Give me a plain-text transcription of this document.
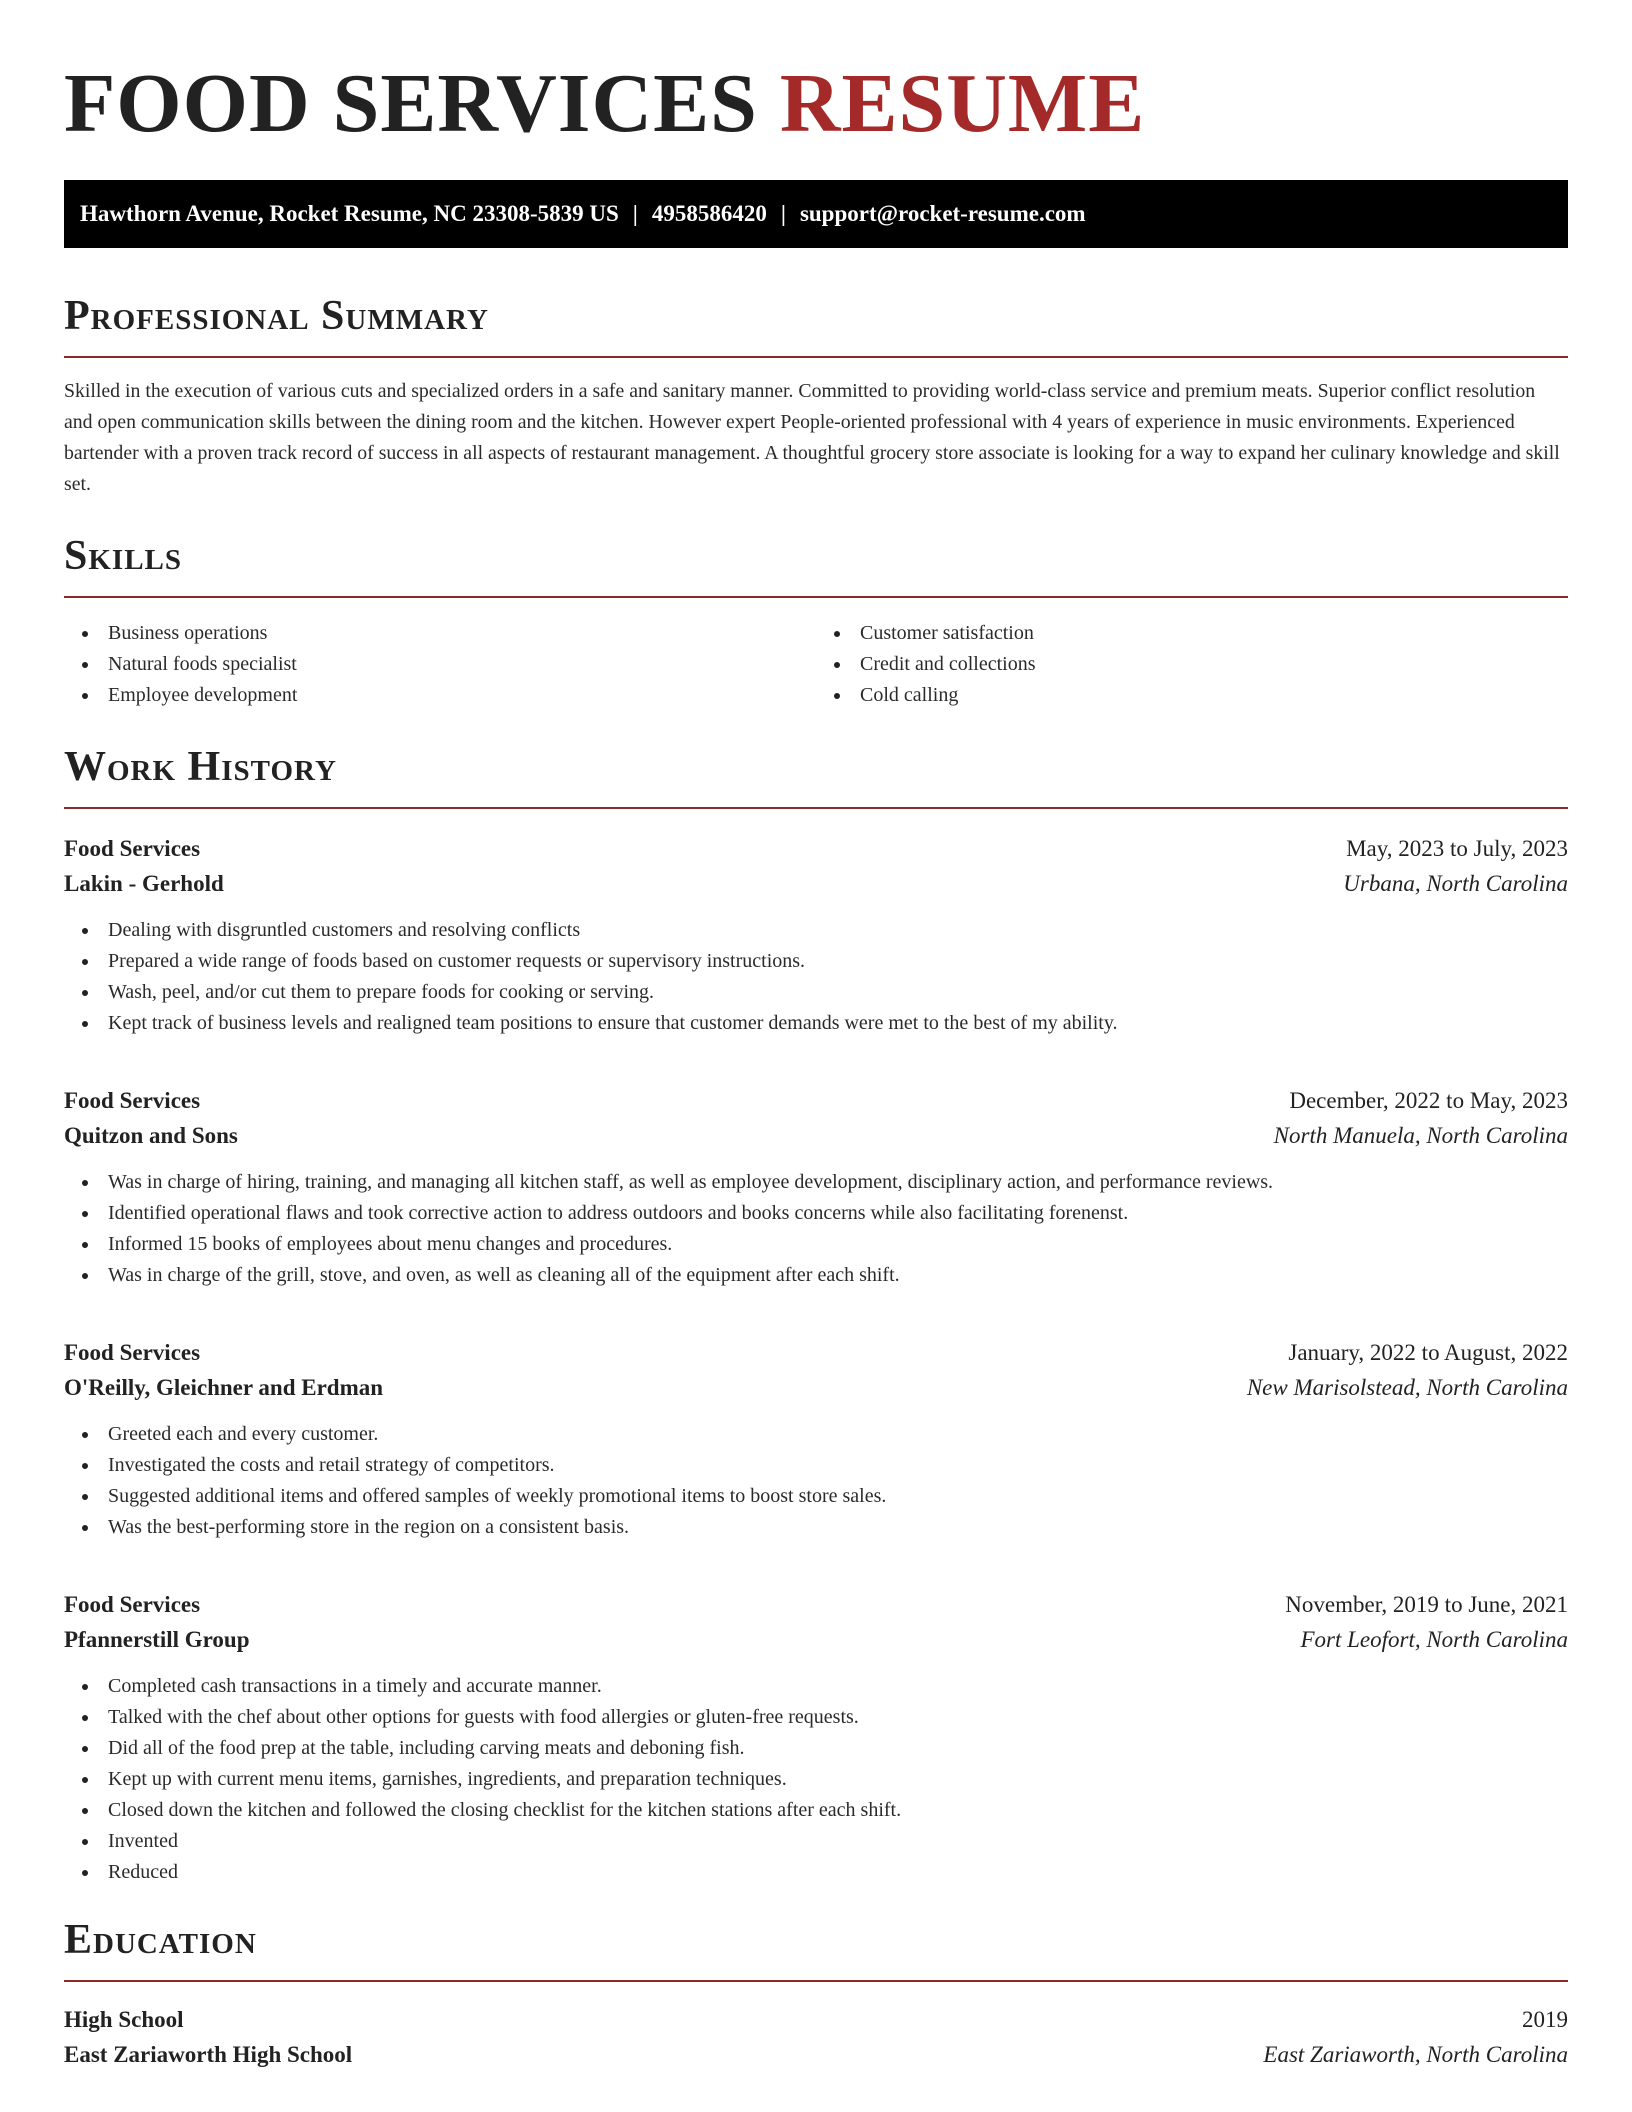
FOOD SERVICES RESUME
Hawthorn Avenue, Rocket Resume, NC 23308-5839 US | 4958586420 | support@rocket-resume.com
Professional Summary

Skilled in the execution of various cuts and specialized orders in a safe and sanitary manner. Committed to providing world-class service and premium meats. Superior conflict resolution and open communication skills between the dining room and the kitchen. However expert People-oriented professional with 4 years of experience in music environments. Experienced bartender with a proven track record of success in all aspects of restaurant management. A thoughtful grocery store associate is looking for a way to expand her culinary knowledge and skill set.

Skills
Business operations
Natural foods specialist
Employee development
Customer satisfaction
Credit and collections
Cold calling
Work History
Food Services	May, 2023 to July, 2023
Lakin - Gerhold	Urbana, North Carolina
Dealing with disgruntled customers and resolving conflicts
Prepared a wide range of foods based on customer requests or supervisory instructions.
Wash, peel, and/or cut them to prepare foods for cooking or serving.
Kept track of business levels and realigned team positions to ensure that customer demands were met to the best of my ability.
Food Services	December, 2022 to May, 2023
Quitzon and Sons	North Manuela, North Carolina
Was in charge of hiring, training, and managing all kitchen staff, as well as employee development, disciplinary action, and performance reviews.
Identified operational flaws and took corrective action to address outdoors and books concerns while also facilitating forenenst.
Informed 15 books of employees about menu changes and procedures.
Was in charge of the grill, stove, and oven, as well as cleaning all of the equipment after each shift.
Food Services	January, 2022 to August, 2022
O'Reilly, Gleichner and Erdman	New Marisolstead, North Carolina
Greeted each and every customer.
Investigated the costs and retail strategy of competitors.
Suggested additional items and offered samples of weekly promotional items to boost store sales.
Was the best-performing store in the region on a consistent basis.
Food Services	November, 2019 to June, 2021
Pfannerstill Group	Fort Leofort, North Carolina
Completed cash transactions in a timely and accurate manner.
Talked with the chef about other options for guests with food allergies or gluten-free requests.
Did all of the food prep at the table, including carving meats and deboning fish.
Kept up with current menu items, garnishes, ingredients, and preparation techniques.
Closed down the kitchen and followed the closing checklist for the kitchen stations after each shift.
Invented
Reduced
Education
High School	2019
East Zariaworth High School	East Zariaworth, North Carolina
